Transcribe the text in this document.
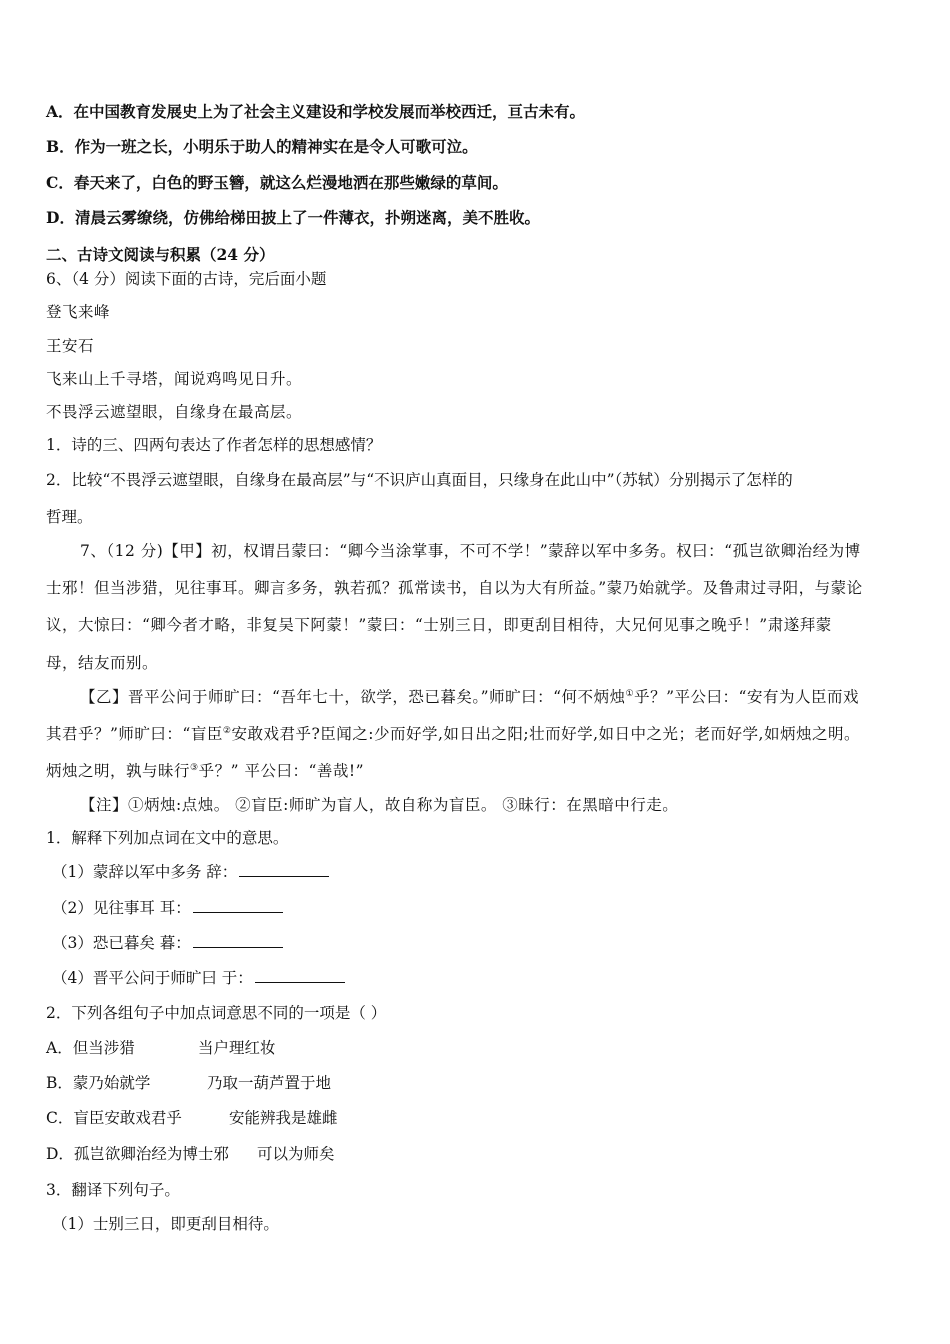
A．在中国教育发展史上为了社会主义建设和学校发展而举校西迁，亘古未有。
B．作为一班之长，小明乐于助人的精神实在是令人可歌可泣。
C．春天来了，白色的野玉簪，就这么烂漫地洒在那些嫩绿的草间。
D．清晨云雾缭绕，仿佛给梯田披上了一件薄衣，扑朔迷离，美不胜收。
二、古诗文阅读与积累（24 分）
6、（4 分）阅读下面的古诗，完后面小题
登飞来峰
王安石
飞来山上千寻塔，闻说鸡鸣见日升。
不畏浮云遮望眼，自缘身在最高层。
1．诗的三、四两句表达了作者怎样的思想感情？
2．比较“不畏浮云遮望眼，自缘身在最高层”与“不识庐山真面目，只缘身在此山中”（苏轼）分别揭示了怎样的
哲理。
7、（12 分)【甲】初，权谓吕蒙曰：“卿今当涂掌事，不可不学！”蒙辞以军中多务。权曰：“孤岂欲卿治经为博
士邪！但当涉猎，见往事耳。卿言多务，孰若孤？孤常读书，自以为大有所益。”蒙乃始就学。及鲁肃过寻阳，与蒙论
议，大惊曰：“卿今者才略，非复吴下阿蒙！”蒙曰：“士别三日，即更刮目相待，大兄何见事之晚乎！”肃遂拜蒙
母，结友而别。
【乙】晋平公问于师旷曰：“吾年七十，欲学，恐已暮矣。”师旷曰：“何不炳烛①乎？”平公曰：“安有为人臣而戏
其君乎？”师旷曰：“盲臣②安敢戏君乎?臣闻之:少而好学,如日出之阳;壮而好学,如日中之光；老而好学,如炳烛之明。
炳烛之明，孰与昧行③乎？” 平公曰：“善哉!”
【注】①炳烛:点烛。 ②盲臣:师旷为盲人，故自称为盲臣。 ③昧行：在黑暗中行走。
1．解释下列加点词在文中的意思。
（1）蒙辞以军中多务 辞：
（2）见往事耳 耳：
（3）恐已暮矣 暮：
（4）晋平公问于师旷曰 于：
2．下列各组句子中加点词意思不同的一项是（ ）
A．但当涉猎	当户理红妆
B．蒙乃始就学	乃取一葫芦置于地
C．盲臣安敢戏君乎	安能辨我是雄雌
D．孤岂欲卿治经为博士邪 可以为师矣
3．翻译下列句子。
（1）士别三日，即更刮目相待。
